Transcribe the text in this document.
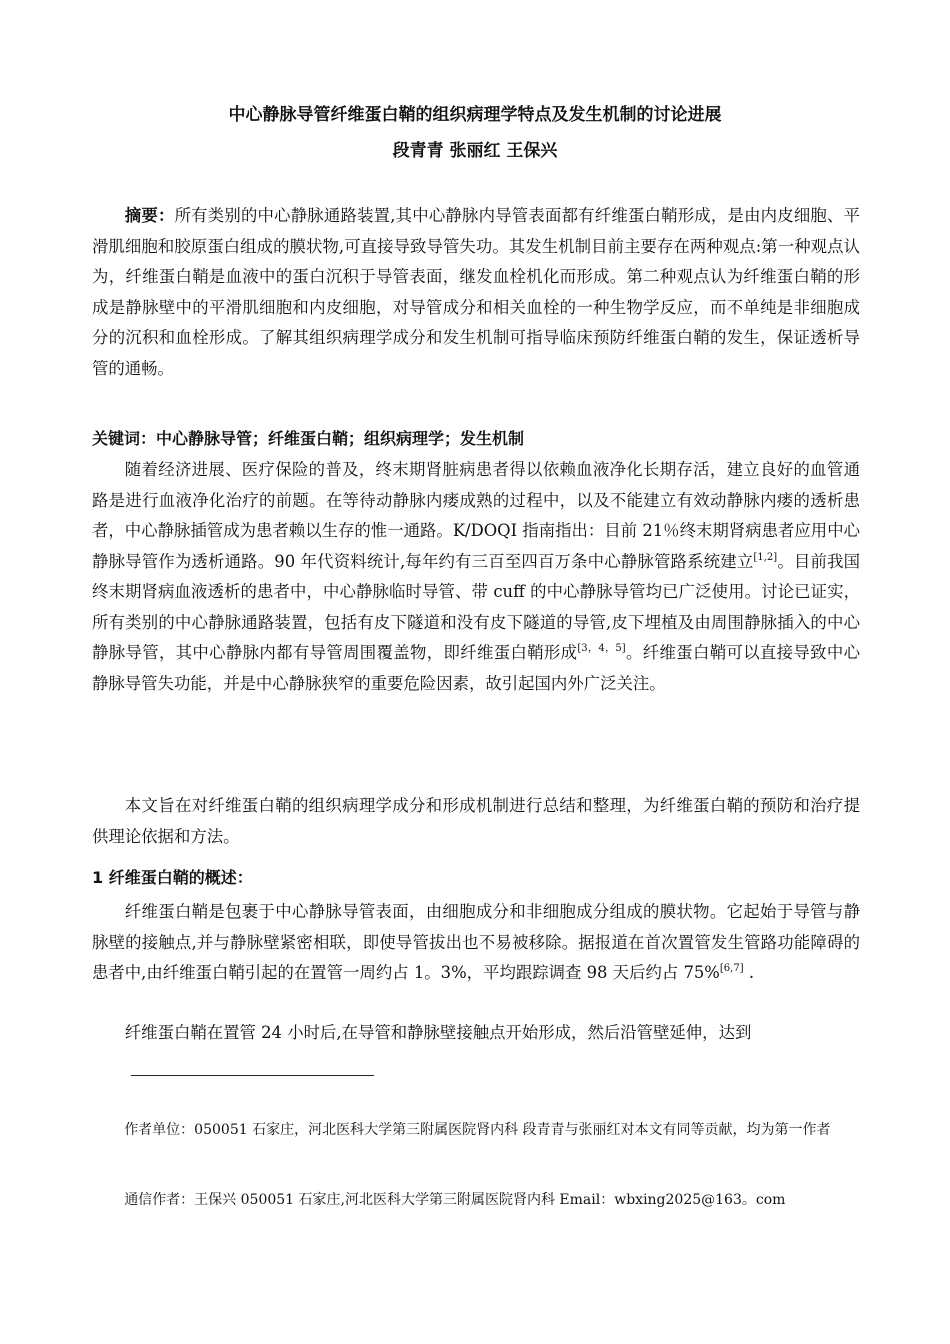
中心静脉导管纤维蛋白鞘的组织病理学特点及发生机制的讨论进展
段青青 张丽红 王保兴
摘要：所有类别的中心静脉通路装置,其中心静脉内导管表面都有纤维蛋白鞘形成，是由内皮细胞、平滑肌细胞和胶原蛋白组成的膜状物,可直接导致导管失功。其发生机制目前主要存在两种观点:第一种观点认为，纤维蛋白鞘是血液中的蛋白沉积于导管表面，继发血栓机化而形成。第二种观点认为纤维蛋白鞘的形成是静脉壁中的平滑肌细胞和内皮细胞，对导管成分和相关血栓的一种生物学反应，而不单纯是非细胞成分的沉积和血栓形成。了解其组织病理学成分和发生机制可指导临床预防纤维蛋白鞘的发生，保证透析导管的通畅。
关键词：中心静脉导管；纤维蛋白鞘；组织病理学；发生机制
随着经济进展、医疗保险的普及，终末期肾脏病患者得以依赖血液净化长期存活，建立良好的血管通路是进行血液净化治疗的前题。在等待动静脉内瘘成熟的过程中，以及不能建立有效动静脉内瘘的透析患者，中心静脉插管成为患者赖以生存的惟一通路。K/DOQI 指南指出：目前 21％终末期肾病患者应用中心静脉导管作为透析通路。90 年代资料统计,每年约有三百至四百万条中心静脉管路系统建立[1,2]。目前我国终末期肾病血液透析的患者中，中心静脉临时导管、带 cuff 的中心静脉导管均已广泛使用。讨论已证实，所有类别的中心静脉通路装置，包括有皮下隧道和没有皮下隧道的导管,皮下埋植及由周围静脉插入的中心静脉导管，其中心静脉内都有导管周围覆盖物，即纤维蛋白鞘形成[3，4，5]。纤维蛋白鞘可以直接导致中心静脉导管失功能，并是中心静脉狭窄的重要危险因素，故引起国内外广泛关注。
本文旨在对纤维蛋白鞘的组织病理学成分和形成机制进行总结和整理，为纤维蛋白鞘的预防和治疗提供理论依据和方法。
1 纤维蛋白鞘的概述：
纤维蛋白鞘是包裹于中心静脉导管表面，由细胞成分和非细胞成分组成的膜状物。它起始于导管与静脉壁的接触点,并与静脉壁紧密相联，即使导管拔出也不易被移除。据报道在首次置管发生管路功能障碍的患者中,由纤维蛋白鞘引起的在置管一周约占 1。3%，平均跟踪调查 98 天后约占 75%[6,7] .
纤维蛋白鞘在置管 24 小时后,在导管和静脉壁接触点开始形成，然后沿管壁延伸，达到
作者单位：050051 石家庄，河北医科大学第三附属医院肾内科 段青青与张丽红对本文有同等贡献，均为第一作者
通信作者：王保兴 050051 石家庄,河北医科大学第三附属医院肾内科 Email：wbxing2025@163。com
